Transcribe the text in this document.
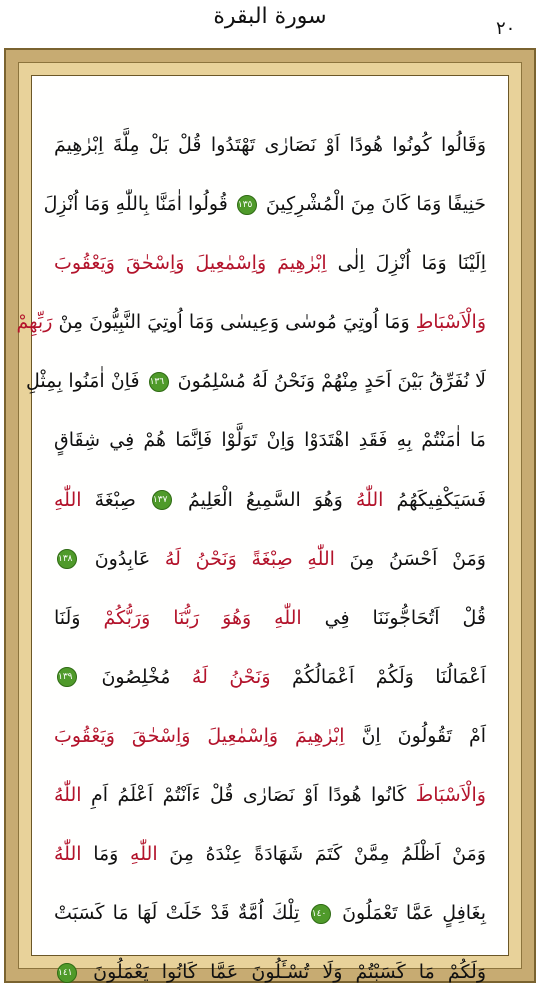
سورة البقرة	٢٠
وَقَالُوا كُونُوا هُودًا اَوْ نَصَارٰى تَهْتَدُوا قُلْ بَلْ مِلَّةَ اِبْرٰهِيمَ
حَنِيفًا وَمَا كَانَ مِنَ الْمُشْرِكِينَ ١٣٥ قُولُوا اٰمَنَّا بِاللّٰهِ وَمَا اُنْزِلَ
اِلَيْنَا وَمَا اُنْزِلَ اِلٰى اِبْرٰهِيمَ وَاِسْمٰعِيلَ وَاِسْحٰقَ وَيَعْقُوبَ
وَالْاَسْبَاطِ وَمَا اُوتِيَ مُوسٰى وَعِيسٰى وَمَا اُوتِيَ النَّبِيُّونَ مِنْ رَبِّهِمْ
لَا نُفَرِّقُ بَيْنَ اَحَدٍ مِنْهُمْ وَنَحْنُ لَهُ مُسْلِمُونَ ١٣٦ فَاِنْ اٰمَنُوا بِمِثْلِ
مَا اٰمَنْتُمْ بِهِ فَقَدِ اهْتَدَوْا وَاِنْ تَوَلَّوْا فَاِنَّمَا هُمْ فِي شِقَاقٍ
فَسَيَكْفِيكَهُمُ اللّٰهُ وَهُوَ السَّمِيعُ الْعَلِيمُ ١٣٧ صِبْغَةَ اللّٰهِ
وَمَنْ اَحْسَنُ مِنَ اللّٰهِ صِبْغَةً وَنَحْنُ لَهُ عَابِدُونَ ١٣٨
قُلْ اَتُحَاجُّونَنَا فِي اللّٰهِ وَهُوَ رَبُّنَا وَرَبُّكُمْ وَلَنَا
اَعْمَالُنَا وَلَكُمْ اَعْمَالُكُمْ وَنَحْنُ لَهُ مُخْلِصُونَ ١٣٩
اَمْ تَقُولُونَ اِنَّ اِبْرٰهِيمَ وَاِسْمٰعِيلَ وَاِسْحٰقَ وَيَعْقُوبَ
وَالْاَسْبَاطَ كَانُوا هُودًا اَوْ نَصَارٰى قُلْ ءَاَنْتُمْ اَعْلَمُ اَمِ اللّٰهُ
وَمَنْ اَظْلَمُ مِمَّنْ كَتَمَ شَهَادَةً عِنْدَهُ مِنَ اللّٰهِ وَمَا اللّٰهُ
بِغَافِلٍ عَمَّا تَعْمَلُونَ ١٤٠ تِلْكَ اُمَّةٌ قَدْ خَلَتْ لَهَا مَا كَسَبَتْ
وَلَكُمْ مَا كَسَبْتُمْ وَلَا تُسْـَٔلُونَ عَمَّا كَانُوا يَعْمَلُونَ ١٤١
